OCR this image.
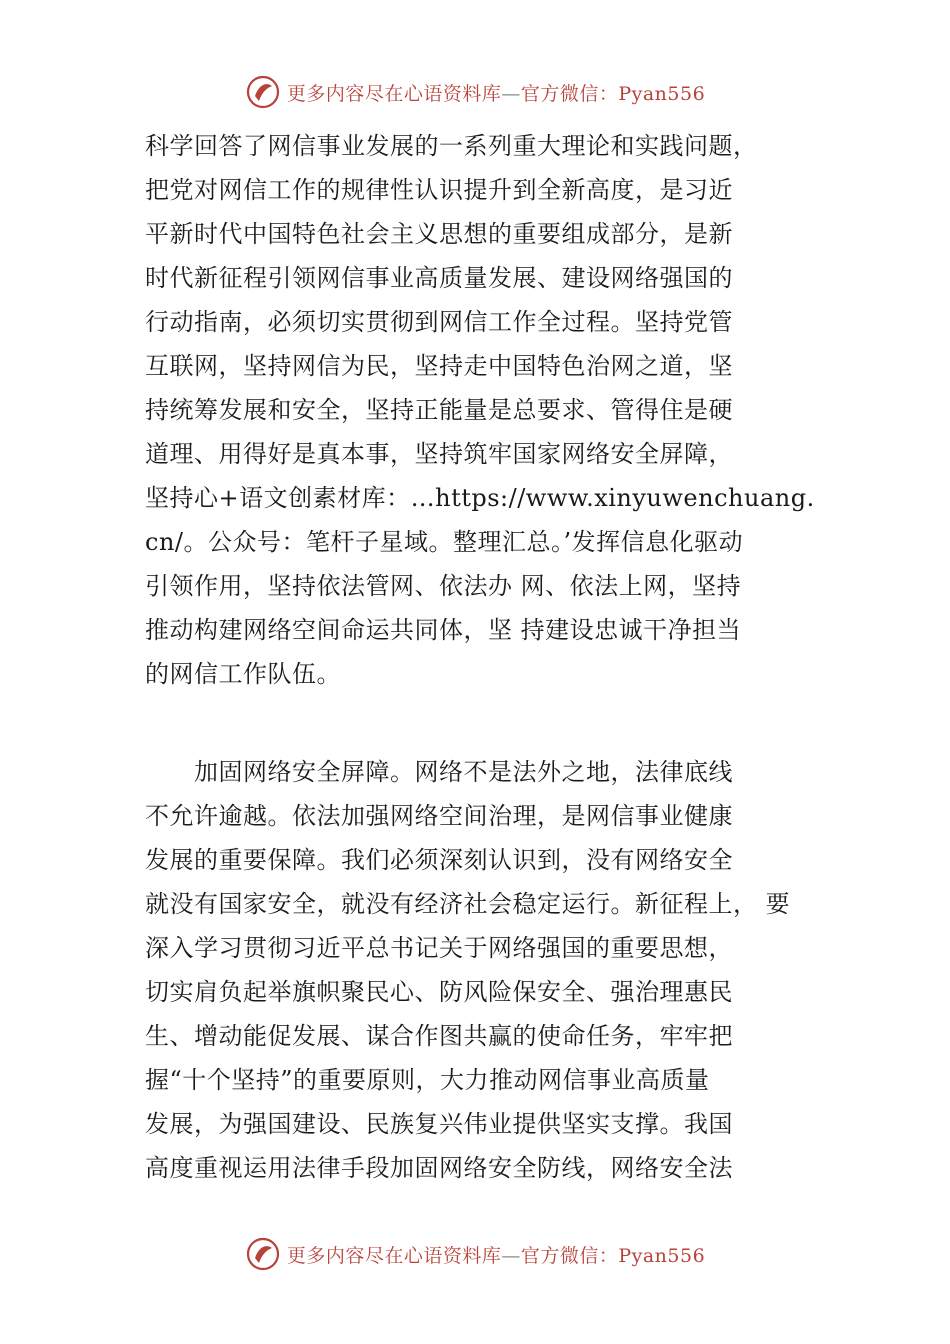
更多内容尽在心语资料库—官方微信：Pyan556
科学回答了网信事业发展的一系列重大理论和实践问题，
把党对网信工作的规律性认识提升到全新高度，是习近
平新时代中国特色社会主义思想的重要组成部分，是新
时代新征程引领网信事业高质量发展、建设网络强国的
行动指南，必须切实贯彻到网信工作全过程。坚持党管
互联网，坚持网信为民，坚持走中国特色治网之道，坚
持统筹发展和安全，坚持正能量是总要求、管得住是硬
道理、用得好是真本事，坚持筑牢国家网络安全屏障，
坚持心+语文创素材库：…https://www.xinyuwenchuang.
cn/。公众号：笔杆子星域。整理汇总。’发挥信息化驱动
引领作用，坚持依法管网、依法办 网、依法上网，坚持
推动构建网络空间命运共同体，坚 持建设忠诚干净担当
的网信工作队伍。
　　加固网络安全屏障。网络不是法外之地，法律底线
不允许逾越。依法加强网络空间治理，是网信事业健康
发展的重要保障。我们必须深刻认识到，没有网络安全
就没有国家安全，就没有经济社会稳定运行。新征程上， 要
深入学习贯彻习近平总书记关于网络强国的重要思想，
切实肩负起举旗帜聚民心、防风险保安全、强治理惠民
生、增动能促发展、谋合作图共赢的使命任务，牢牢把
握“十个坚持”的重要原则，大力推动网信事业高质量
发展，为强国建设、民族复兴伟业提供坚实支撑。我国
高度重视运用法律手段加固网络安全防线，网络安全法
更多内容尽在心语资料库—官方微信：Pyan556
